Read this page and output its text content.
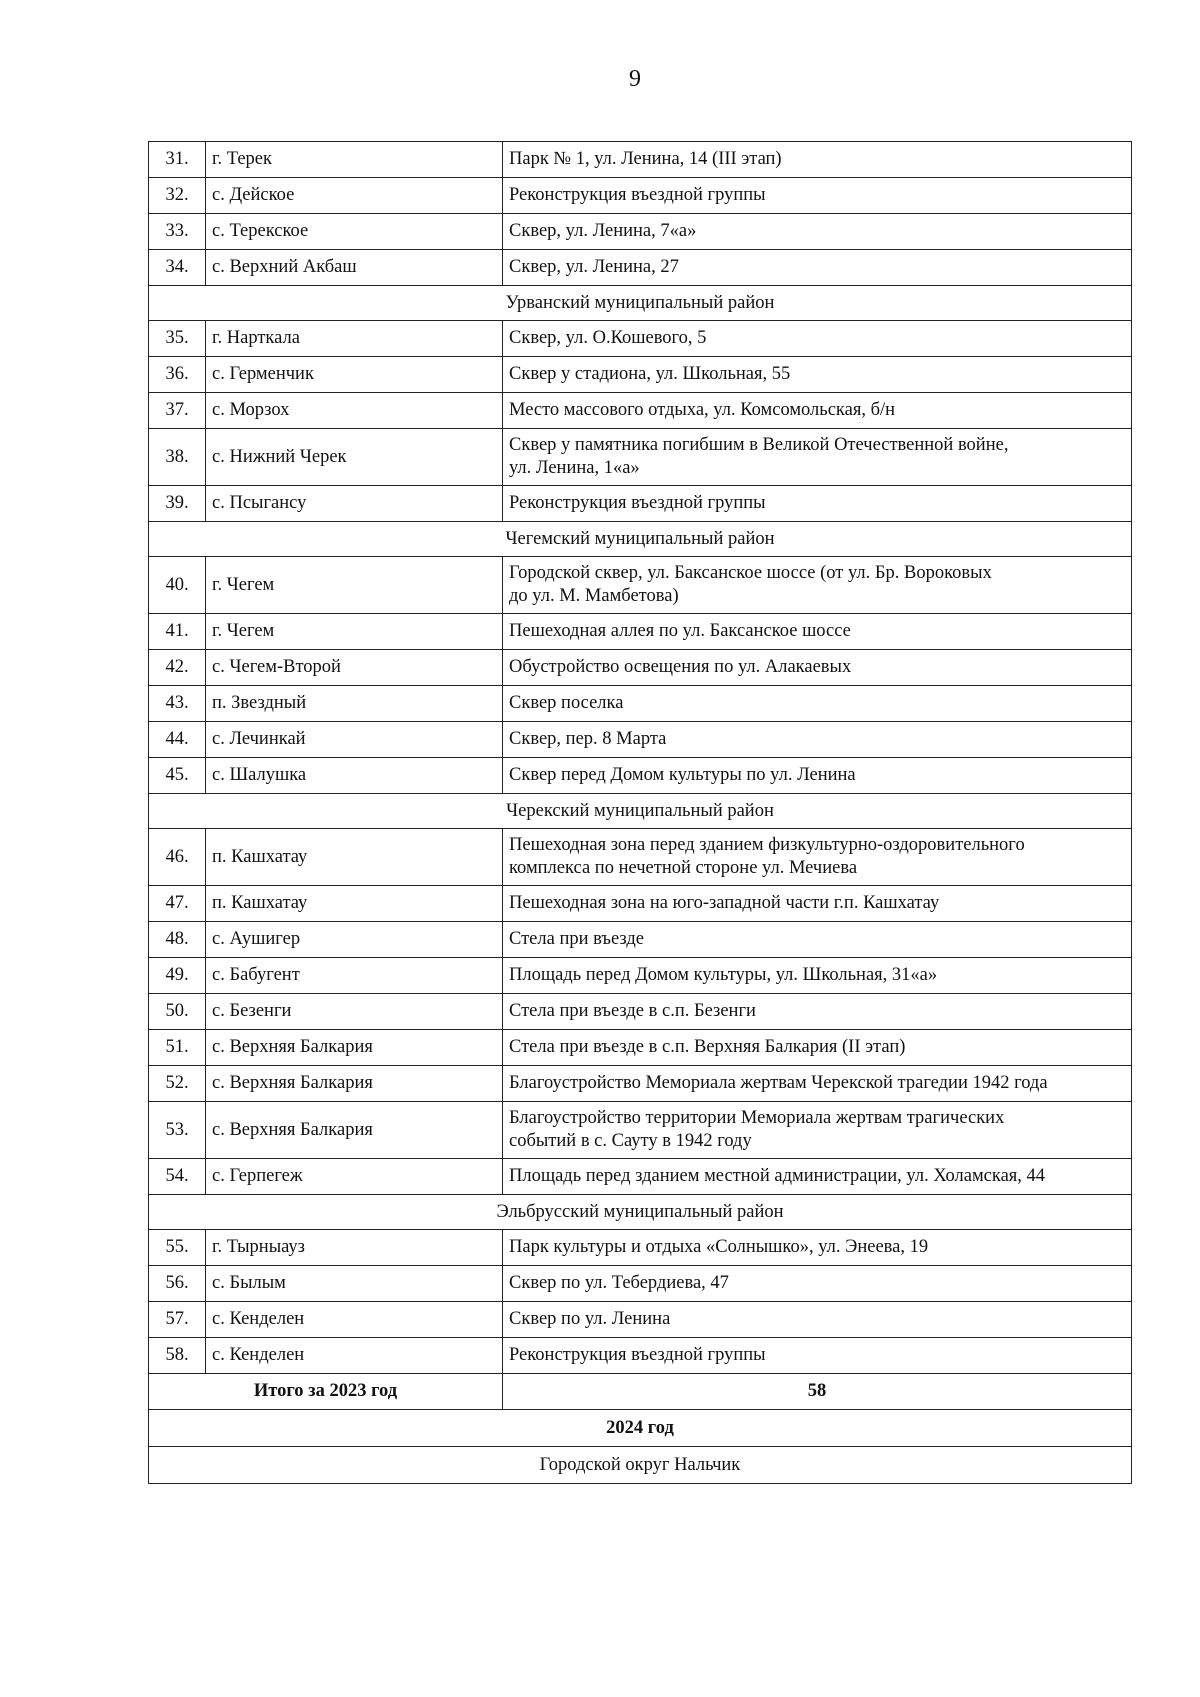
9
31.	г. Терек	Парк № 1, ул. Ленина, 14 (III этап)
32.	с. Дейское	Реконструкция въездной группы
33.	с. Терекское	Сквер, ул. Ленина, 7«а»
34.	с. Верхний Акбаш	Сквер, ул. Ленина, 27
Урванский муниципальный район		
35.	г. Нарткала	Сквер, ул. О.Кошевого, 5
36.	с. Герменчик	Сквер у стадиона, ул. Школьная, 55
37.	с. Морзох	Место массового отдыха, ул. Комсомольская, б/н
38.	с. Нижний Черек	Сквер у памятника погибшим в Великой Отечественной войне,
ул. Ленина, 1«а»

39.	с. Псыгансу	Реконструкция въездной группы
Чегемский муниципальный район		
40.	г. Чегем	Городской сквер, ул. Баксанское шоссе (от ул. Бр. Вороковых
до ул. М. Мамбетова)

41.	г. Чегем	Пешеходная аллея по ул. Баксанское шоссе
42.	с. Чегем-Второй	Обустройство освещения по ул. Алакаевых
43.	п. Звездный	Сквер поселка
44.	с. Лечинкай	Сквер, пер. 8 Марта
45.	с. Шалушка	Сквер перед Домом культуры по ул. Ленина
Черекский муниципальный район		
46.	п. Кашхатау	Пешеходная зона перед зданием физкультурно-оздоровительного
комплекса по нечетной стороне ул. Мечиева

47.	п. Кашхатау	Пешеходная зона на юго-западной части г.п. Кашхатау
48.	с. Аушигер	Стела при въезде
49.	с. Бабугент	Площадь перед Домом культуры, ул. Школьная, 31«а»
50.	с. Безенги	Стела при въезде в с.п. Безенги
51.	с. Верхняя Балкария	Стела при въезде в с.п. Верхняя Балкария (II этап)
52.	с. Верхняя Балкария	Благоустройство Мемориала жертвам Черекской трагедии 1942 года
53.	с. Верхняя Балкария	Благоустройство территории Мемориала жертвам трагических
событий в с. Сауту в 1942 году

54.	с. Герпегеж	Площадь перед зданием местной администрации, ул. Холамская, 44
Эльбрусский муниципальный район		
55.	г. Тырныауз	Парк культуры и отдыха «Солнышко», ул. Энеева, 19
56.	с. Былым	Сквер по ул. Тебердиева, 47
57.	с. Кенделен	Сквер по ул. Ленина
58.	с. Кенделен	Реконструкция въездной группы
Итого за 2023 год		58
2024 год		
Городской округ Нальчик		
